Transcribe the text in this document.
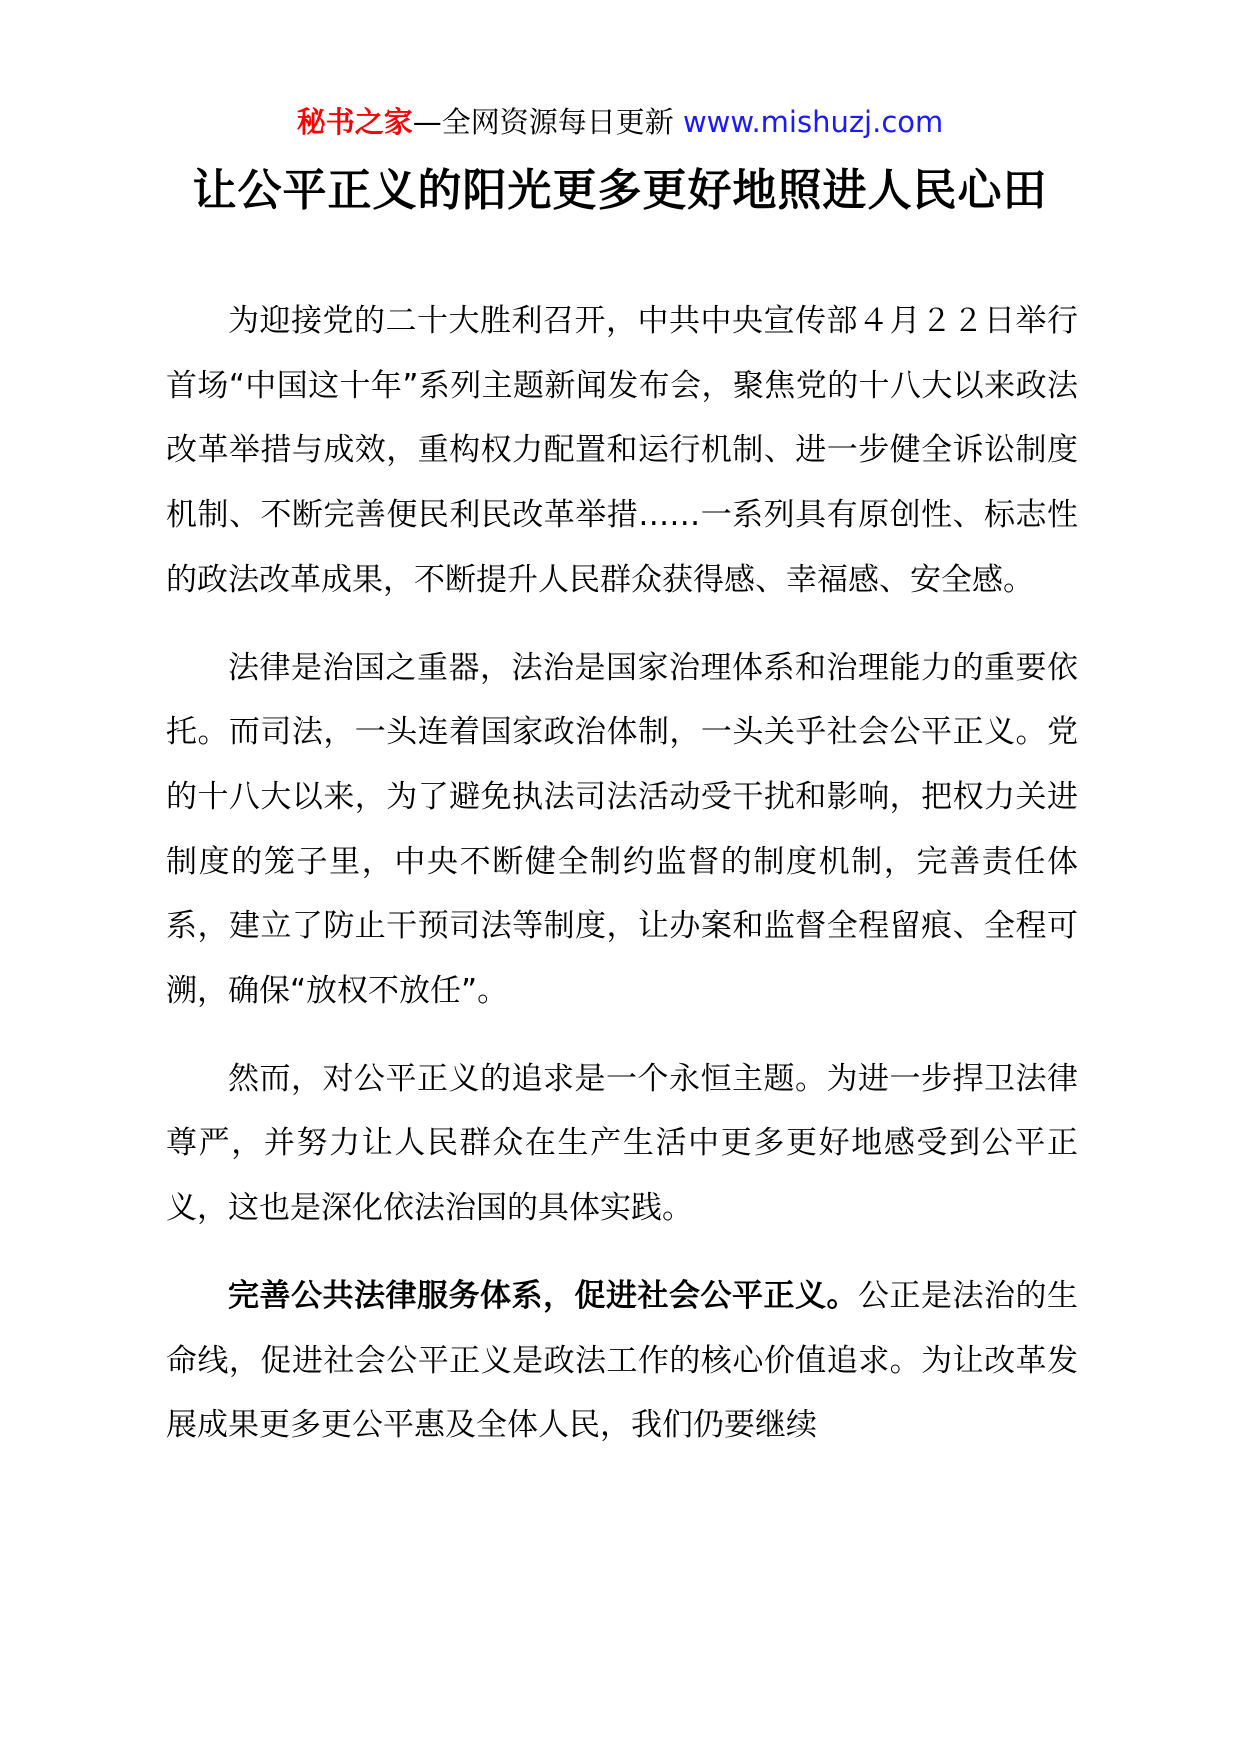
秘书之家—全网资源每日更新 www.mishuzj.com
让公平正义的阳光更多更好地照进人民心田

为迎接党的二十大胜利召开，中共中央宣传部４月２２日举行首场“中国这十年”系列主题新闻发布会，聚焦党的十八大以来政法改革举措与成效，重构权力配置和运行机制、进一步健全诉讼制度机制、不断完善便民利民改革举措……一系列具有原创性、标志性的政法改革成果，不断提升人民群众获得感、幸福感、安全感。

法律是治国之重器，法治是国家治理体系和治理能力的重要依托。而司法，一头连着国家政治体制，一头关乎社会公平正义。党的十八大以来，为了避免执法司法活动受干扰和影响，把权力关进制度的笼子里，中央不断健全制约监督的制度机制，完善责任体系，建立了防止干预司法等制度，让办案和监督全程留痕、全程可溯，确保“放权不放任”。

然而，对公平正义的追求是一个永恒主题。为进一步捍卫法律尊严，并努力让人民群众在生产生活中更多更好地感受到公平正义，这也是深化依法治国的具体实践。

完善公共法律服务体系，促进社会公平正义。公正是法治的生命线，促进社会公平正义是政法工作的核心价值追求。为让改革发展成果更多更公平惠及全体人民，我们仍要继续
